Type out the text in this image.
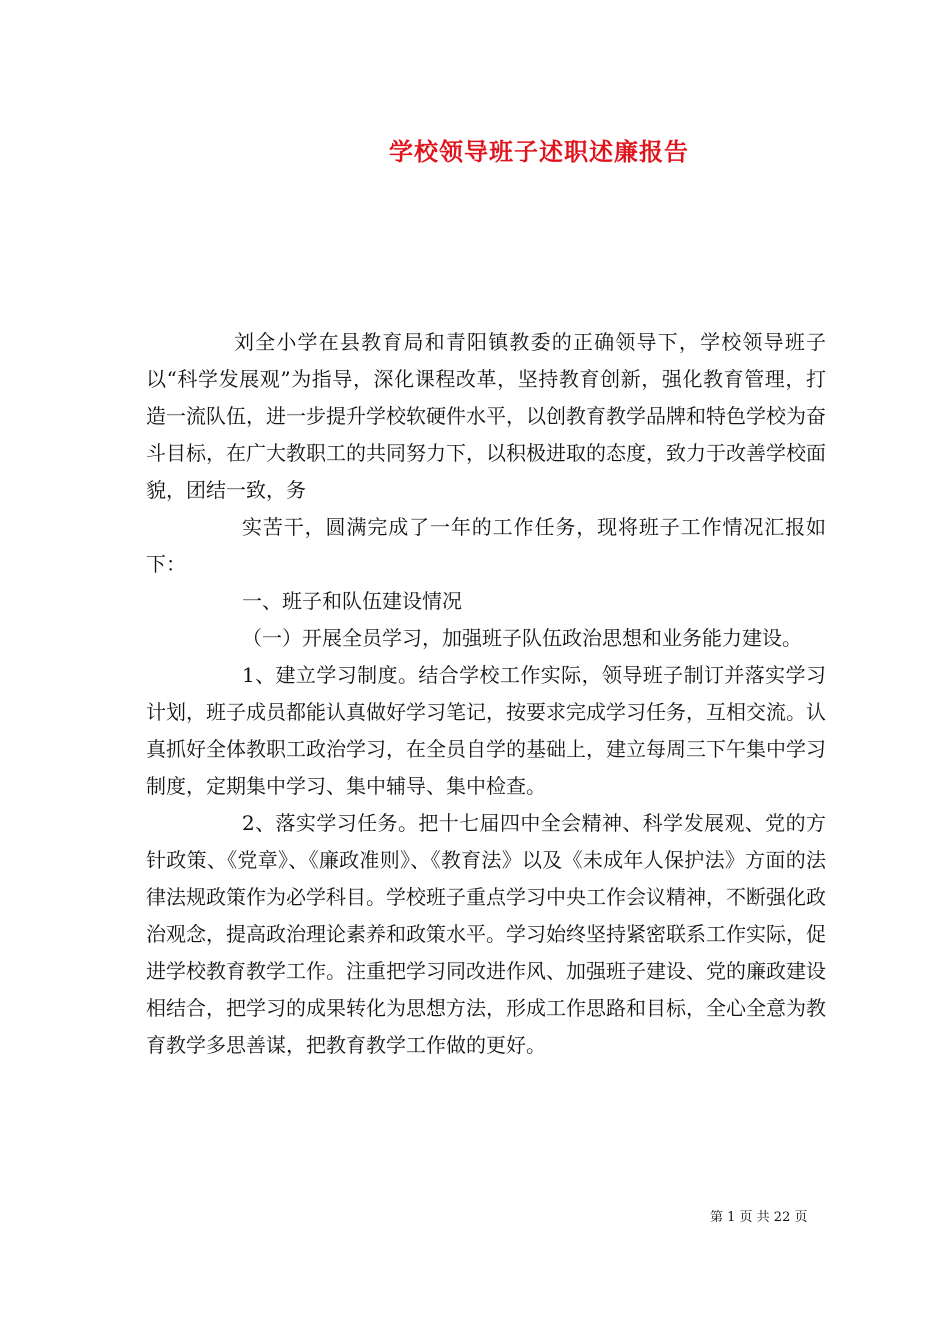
学校领导班子述职述廉报告

刘全小学在县教育局和青阳镇教委的正确领导下，学校领导班子以“科学发展观”为指导，深化课程改革，坚持教育创新，强化教育管理，打造一流队伍，进一步提升学校软硬件水平，以创教育教学品牌和特色学校为奋斗目标，在广大教职工的共同努力下，以积极进取的态度，致力于改善学校面貌，团结一致，务

实苦干，圆满完成了一年的工作任务，现将班子工作情况汇报如下：

一、班子和队伍建设情况

（一）开展全员学习，加强班子队伍政治思想和业务能力建设。

1、建立学习制度。结合学校工作实际，领导班子制订并落实学习计划，班子成员都能认真做好学习笔记，按要求完成学习任务，互相交流。认真抓好全体教职工政治学习，在全员自学的基础上，建立每周三下午集中学习制度，定期集中学习、集中辅导、集中检查。

2、落实学习任务。把十七届四中全会精神、科学发展观、党的方针政策、《党章》、《廉政准则》、《教育法》以及《未成年人保护法》方面的法律法规政策作为必学科目。学校班子重点学习中央工作会议精神，不断强化政治观念，提高政治理论素养和政策水平。学习始终坚持紧密联系工作实际，促进学校教育教学工作。注重把学习同改进作风、加强班子建设、党的廉政建设相结合，把学习的成果转化为思想方法，形成工作思路和目标，全心全意为教育教学多思善谋，把教育教学工作做的更好。

第 1 页 共 22 页
